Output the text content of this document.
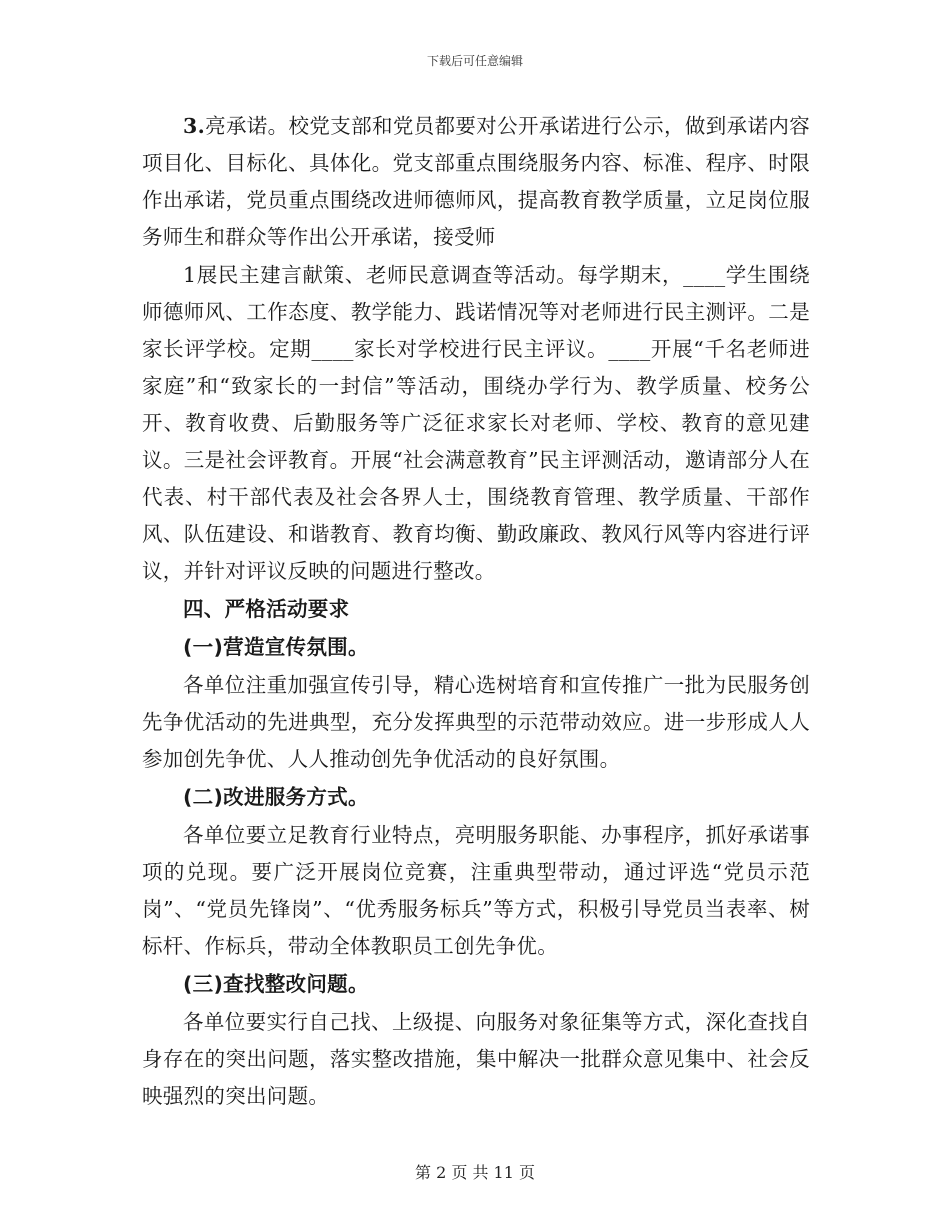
下载后可任意编辑

3.亮承诺。校党支部和党员都要对公开承诺进行公示，做到承诺内容项目化、目标化、具体化。党支部重点围绕服务内容、标准、程序、时限作出承诺，党员重点围绕改进师德师风，提高教育教学质量，立足岗位服务师生和群众等作出公开承诺，接受师

1展民主建言献策、老师民意调查等活动。每学期末，____学生围绕师德师风、工作态度、教学能力、践诺情况等对老师进行民主测评。二是家长评学校。定期____家长对学校进行民主评议。____开展“千名老师进家庭”和“致家长的一封信”等活动，围绕办学行为、教学质量、校务公开、教育收费、后勤服务等广泛征求家长对老师、学校、教育的意见建议。三是社会评教育。开展“社会满意教育”民主评测活动，邀请部分人在代表、村干部代表及社会各界人士，围绕教育管理、教学质量、干部作风、队伍建设、和谐教育、教育均衡、勤政廉政、教风行风等内容进行评议，并针对评议反映的问题进行整改。

四、严格活动要求
(一)营造宣传氛围。

各单位注重加强宣传引导，精心选树培育和宣传推广一批为民服务创先争优活动的先进典型，充分发挥典型的示范带动效应。进一步形成人人参加创先争优、人人推动创先争优活动的良好氛围。

(二)改进服务方式。

各单位要立足教育行业特点，亮明服务职能、办事程序，抓好承诺事项的兑现。要广泛开展岗位竞赛，注重典型带动，通过评选“党员示范岗”、“党员先锋岗”、“优秀服务标兵”等方式，积极引导党员当表率、树标杆、作标兵，带动全体教职员工创先争优。

(三)查找整改问题。

各单位要实行自己找、上级提、向服务对象征集等方式，深化查找自身存在的突出问题，落实整改措施，集中解决一批群众意见集中、社会反映强烈的突出问题。

第 2 页 共 11 页
